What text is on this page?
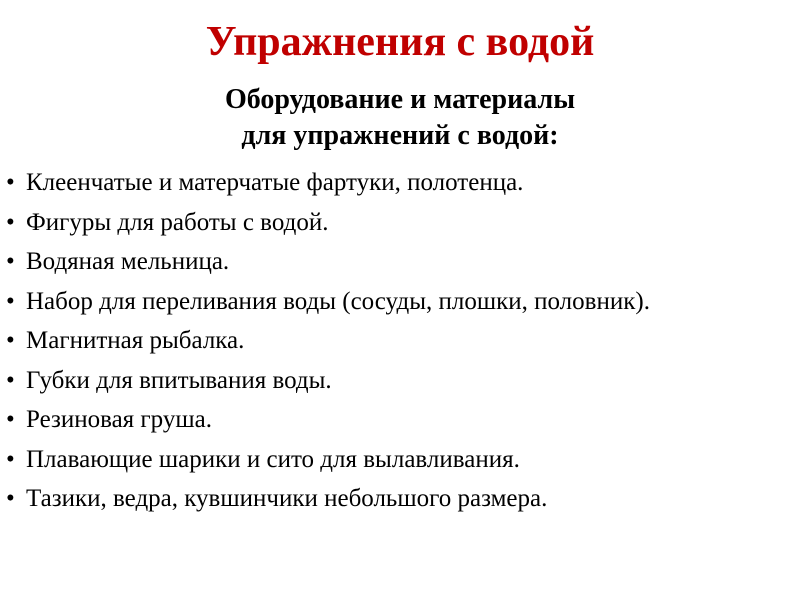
Упражнения с водой
Оборудование и материалы
для упражнений с водой:
• Клеенчатые и матерчатые фартуки, полотенца.
• Фигуры для работы с водой.
• Водяная мельница.
• Набор для переливания воды (сосуды, плошки, половник).
• Магнитная рыбалка.
• Губки для впитывания воды.
• Резиновая груша.
• Плавающие шарики и сито для вылавливания.
• Тазики, ведра, кувшинчики небольшого размера.
